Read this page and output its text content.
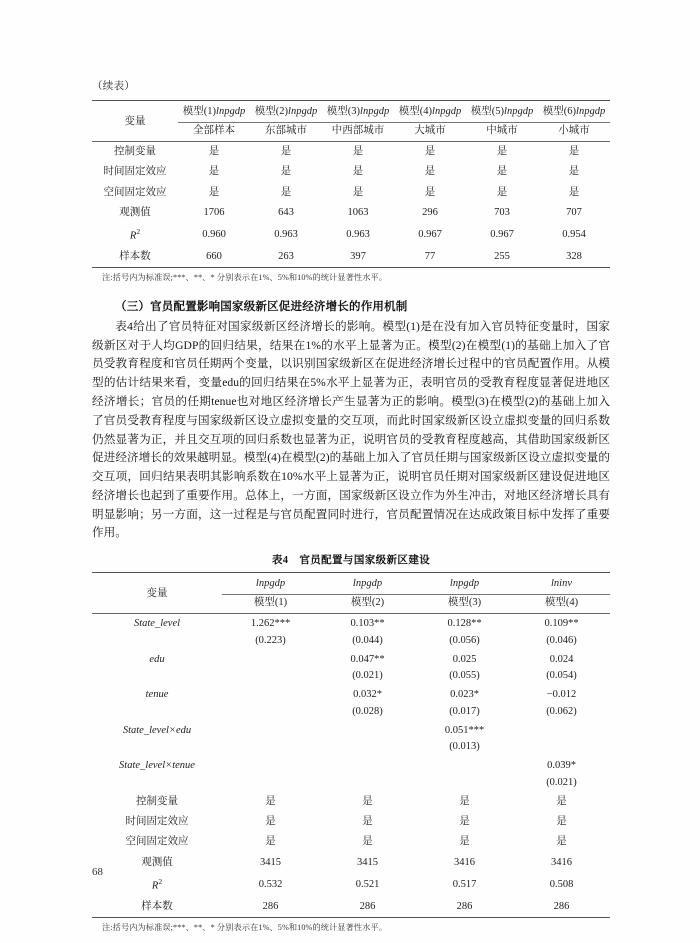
（续表）
变量	模型(1)lnpgdp	模型(2)lnpgdp	模型(3)lnpgdp	模型(4)lnpgdp	模型(5)lnpgdp	模型(6)lnpgdp
	全部样本	东部城市	中西部城市	大城市	中城市	小城市
控制变量	是	是	是	是	是	是
时间固定效应	是	是	是	是	是	是
空间固定效应	是	是	是	是	是	是
观测值	1706	643	1063	296	703	707
$R^2$	0.960	0.963	0.963	0.967	0.967	0.954
样本数	660	263	397	77	255	328
注:括号内为标准误;***、**、* 分别表示在1%、5%和10%的统计显著性水平。
（三）官员配置影响国家级新区促进经济增长的作用机制

表4给出了官员特征对国家级新区经济增长的影响。模型(1)是在没有加入官员特征变量时，国家级新区对于人均GDP的回归结果，结果在1%的水平上显著为正。模型(2)在模型(1)的基础上加入了官员受教育程度和官员任期两个变量，以识别国家级新区在促进经济增长过程中的官员配置作用。从模型的估计结果来看，变量edu的回归结果在5%水平上显著为正，表明官员的受教育程度显著促进地区经济增长；官员的任期tenue也对地区经济增长产生显著为正的影响。模型(3)在模型(2)的基础上加入了官员受教育程度与国家级新区设立虚拟变量的交互项，而此时国家级新区设立虚拟变量的回归系数仍然显著为正，并且交互项的回归系数也显著为正，说明官员的受教育程度越高，其借助国家级新区促进经济增长的效果越明显。模型(4)在模型(2)的基础上加入了官员任期与国家级新区设立虚拟变量的交互项，回归结果表明其影响系数在10%水平上显著为正，说明官员任期对国家级新区建设促进地区经济增长也起到了重要作用。总体上，一方面，国家级新区设立作为外生冲击，对地区经济增长具有明显影响；另一方面，这一过程是与官员配置同时进行，官员配置情况在达成政策目标中发挥了重要作用。

表4　官员配置与国家级新区建设
变量	lnpgdp	lnpgdp	lnpgdp	lninv
	模型(1)	模型(2)	模型(3)	模型(4)
State_level	1.262***	0.103**	0.128**	0.109**
	(0.223)	(0.044)	(0.056)	(0.046)
edu		0.047**	0.025	0.024
		(0.021)	(0.055)	(0.054)
tenue		0.032*	0.023*	−0.012
		(0.028)	(0.017)	(0.062)
State_level×edu			0.051***	
			(0.013)	
State_level×tenue				0.039*
				(0.021)
控制变量	是	是	是	是
时间固定效应	是	是	是	是
空间固定效应	是	是	是	是
观测值	3415	3415	3416	3416
$R^2$	0.532	0.521	0.517	0.508
样本数	286	286	286	286
注:括号内为标准误;***、**、* 分别表示在1%、5%和10%的统计显著性水平。
68
